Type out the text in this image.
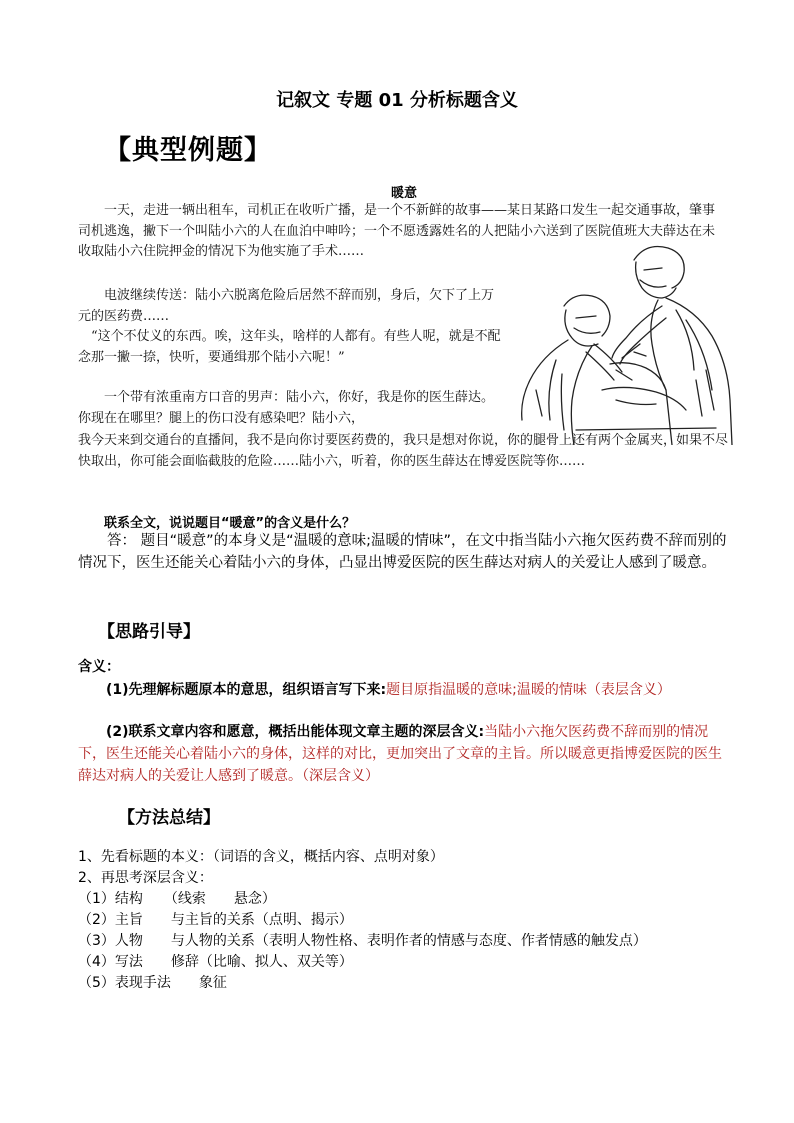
记叙文 专题 01 分析标题含义
【典型例题】
暖意
　　一天，走进一辆出租车，司机正在收听广播，是一个不新鲜的故事——某日某路口发生一起交通事故，肇事司机逃逸，撇下一个叫陆小六的人在血泊中呻吟；一个不愿透露姓名的人把陆小六送到了医院值班大夫薛达在未收取陆小六住院押金的情况下为他实施了手术……
　　电波继续传送：陆小六脱离危险后居然不辞而别，身后，欠下了上万元的医药费……
　“这个不仗义的东西。唉，这年头，啥样的人都有。有些人呢，就是不配念那一撇一捺，快听，要通缉那个陆小六呢！”
　　一个带有浓重南方口音的男声：陆小六，你好，我是你的医生薛达。你现在在哪里？腿上的伤口没有感染吧？陆小六，
我今天来到交通台的直播间，我不是向你讨要医药费的，我只是想对你说，你的腿骨上还有两个金属夹，如果不尽快取出，你可能会面临截肢的危险……陆小六，听着，你的医生薛达在博爱医院等你……
联系全文，说说题目“暖意”的含义是什么？
　　答： 题目“暖意”的本身义是“温暖的意味;温暖的情味”，在文中指当陆小六拖欠医药费不辞而别的情况下，医生还能关心着陆小六的身体，凸显出博爱医院的医生薛达对病人的关爱让人感到了暖意。
【思路引导】
含义：
　　(1)先理解标题原本的意思，组织语言写下来:题目原指温暖的意味;温暖的情味（表层含义）
　　(2)联系文章内容和愿意，概括出能体现文章主题的深层含义:当陆小六拖欠医药费不辞而别的情况下，医生还能关心着陆小六的身体，这样的对比，更加突出了文章的主旨。所以暖意更指博爱医院的医生薛达对病人的关爱让人感到了暖意。（深层含义）
【方法总结】
1、先看标题的本义：（词语的含义，概括内容、点明对象）
2、再思考深层含义：
（1）结构　　（线索　　悬念）
（2）主旨　　与主旨的关系（点明、揭示）
（3）人物　　与人物的关系（表明人物性格、表明作者的情感与态度、作者情感的触发点）
（4）写法　　修辞（比喻、拟人、双关等）
（5）表现手法　　象征
